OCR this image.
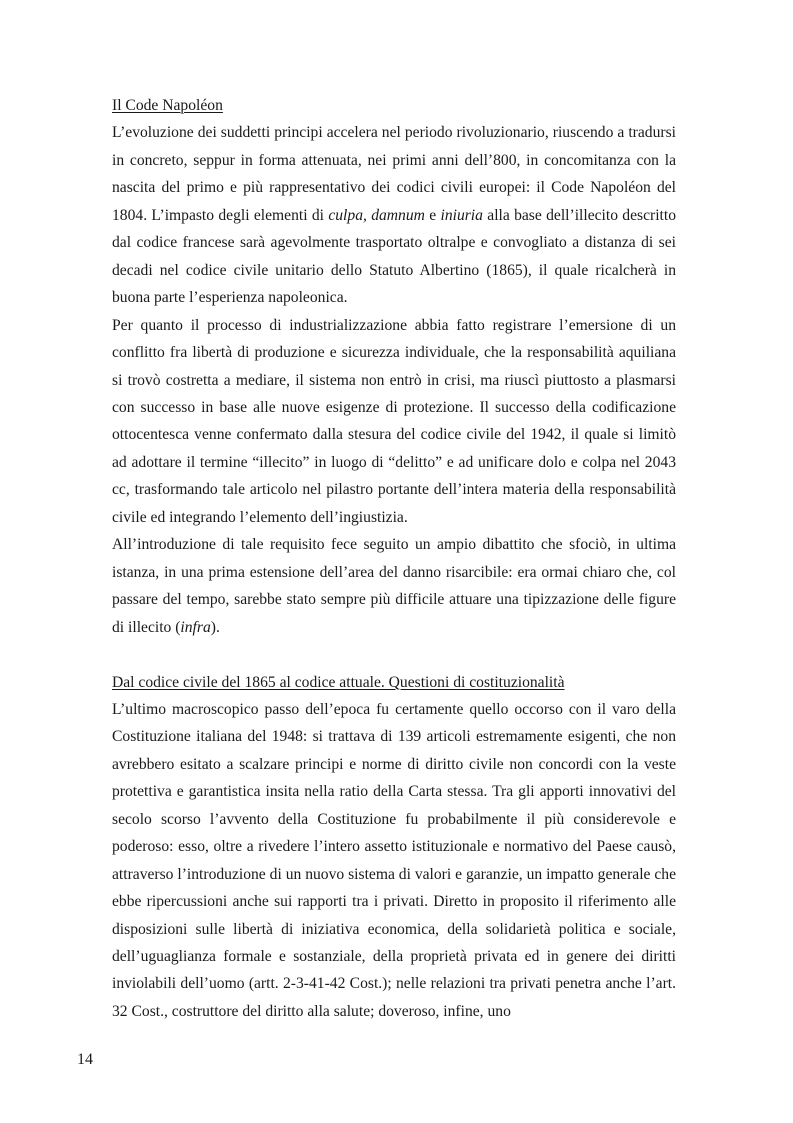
Il Code Napoléon

L’evoluzione dei suddetti principi accelera nel periodo rivoluzionario, riuscendo a tradursi in concreto, seppur in forma attenuata, nei primi anni dell’800, in concomitanza con la nascita del primo e più rappresentativo dei codici civili europei: il Code Napoléon del 1804. L’impasto degli elementi di culpa, damnum e iniuria alla base dell’illecito descritto dal codice francese sarà agevolmente trasportato oltralpe e convogliato a distanza di sei decadi nel codice civile unitario dello Statuto Albertino (1865), il quale ricalcherà in buona parte l’esperienza napoleonica.

Per quanto il processo di industrializzazione abbia fatto registrare l’emersione di un conflitto fra libertà di produzione e sicurezza individuale, che la responsabilità aquiliana si trovò costretta a mediare, il sistema non entrò in crisi, ma riuscì piuttosto a plasmarsi con successo in base alle nuove esigenze di protezione. Il successo della codificazione ottocentesca venne confermato dalla stesura del codice civile del 1942, il quale si limitò ad adottare il termine “illecito” in luogo di “delitto” e ad unificare dolo e colpa nel 2043 cc, trasformando tale articolo nel pilastro portante dell’intera materia della responsabilità civile ed integrando l’elemento dell’ingiustizia.

All’introduzione di tale requisito fece seguito un ampio dibattito che sfociò, in ultima istanza, in una prima estensione dell’area del danno risarcibile: era ormai chiaro che, col passare del tempo, sarebbe stato sempre più difficile attuare una tipizzazione delle figure di illecito (infra).

Dal codice civile del 1865 al codice attuale. Questioni di costituzionalità

L’ultimo macroscopico passo dell’epoca fu certamente quello occorso con il varo della Costituzione italiana del 1948: si trattava di 139 articoli estremamente esigenti, che non avrebbero esitato a scalzare principi e norme di diritto civile non concordi con la veste protettiva e garantistica insita nella ratio della Carta stessa. Tra gli apporti innovativi del secolo scorso l’avvento della Costituzione fu probabilmente il più considerevole e poderoso: esso, oltre a rivedere l’intero assetto istituzionale e normativo del Paese causò, attraverso l’introduzione di un nuovo sistema di valori e garanzie, un impatto generale che ebbe ripercussioni anche sui rapporti tra i privati. Diretto in proposito il riferimento alle disposizioni sulle libertà di iniziativa economica, della solidarietà politica e sociale, dell’uguaglianza formale e sostanziale, della proprietà privata ed in genere dei diritti inviolabili dell’uomo (artt. 2-3-41-42 Cost.); nelle relazioni tra privati penetra anche l’art. 32 Cost., costruttore del diritto alla salute; doveroso, infine, uno

14
